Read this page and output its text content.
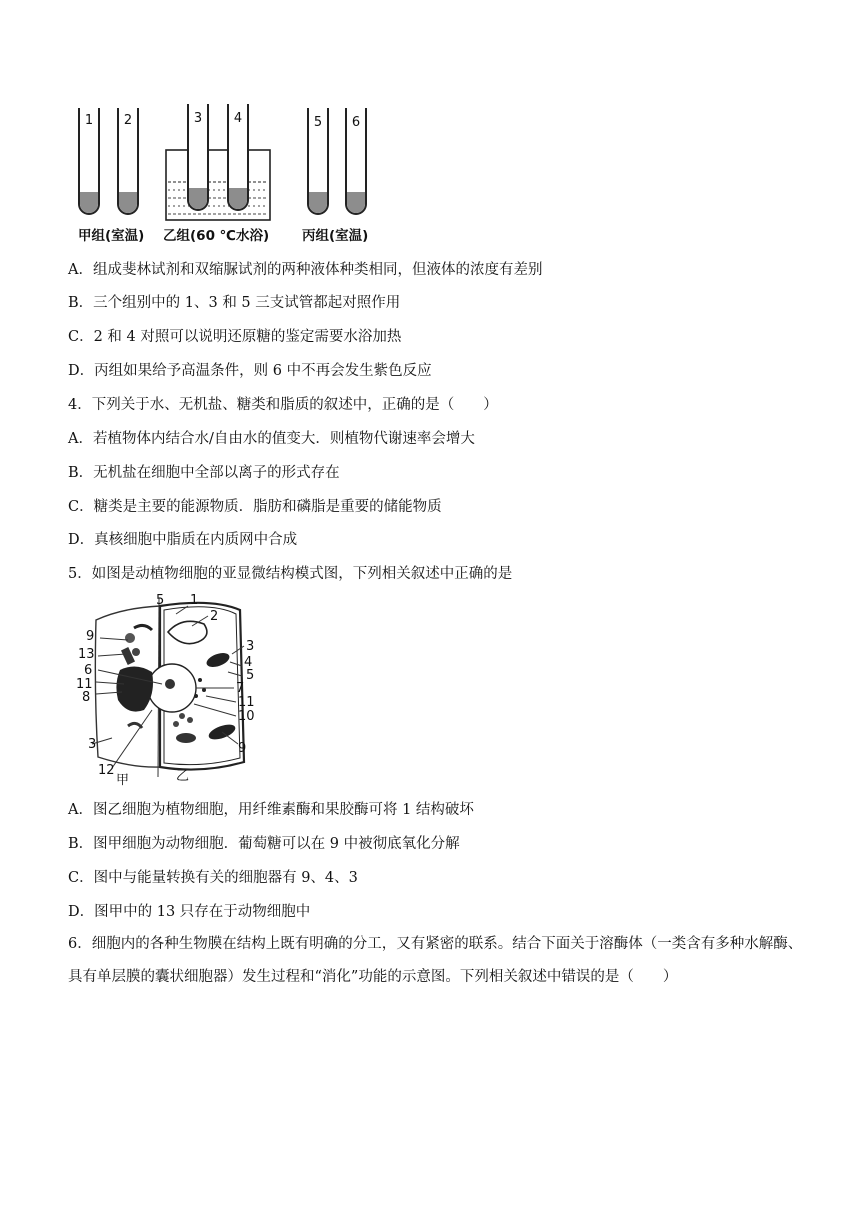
1 2	3 4	5 6
甲组(室温) 乙组(60 ℃水浴) 丙组(室温)
A．组成斐林试剂和双缩脲试剂的两种液体种类相同，但液体的浓度有差别
B．三个组别中的 1、3 和 5 三支试管都起对照作用
C．2 和 4 对照可以说明还原糖的鉴定需要水浴加热
D．丙组如果给予高温条件，则 6 中不再会发生紫色反应
4．下列关于水、无机盐、糖类和脂质的叙述中，正确的是（　　）
A．若植物体内结合水/自由水的值变大．则植物代谢速率会增大
B．无机盐在细胞中全部以离子的形式存在
C．糖类是主要的能源物质．脂肪和磷脂是重要的储能物质
D．真核细胞中脂质在内质网中合成
5．如图是动植物细胞的亚显微结构模式图，下列相关叙述中正确的是
5 1
2
9
13
6
11
8
3
12
3
4
5
7
11
10
9
甲	乙
A．图乙细胞为植物细胞，用纤维素酶和果胶酶可将 1 结构破坏
B．图甲细胞为动物细胞．葡萄糖可以在 9 中被彻底氧化分解
C．图中与能量转换有关的细胞器有 9、4、3
D．图甲中的 13 只存在于动物细胞中
6．细胞内的各种生物膜在结构上既有明确的分工，又有紧密的联系。结合下面关于溶酶体（一类含有多种水解酶、具有单层膜的囊状细胞器）发生过程和“消化”功能的示意图。下列相关叙述中错误的是（　　）
